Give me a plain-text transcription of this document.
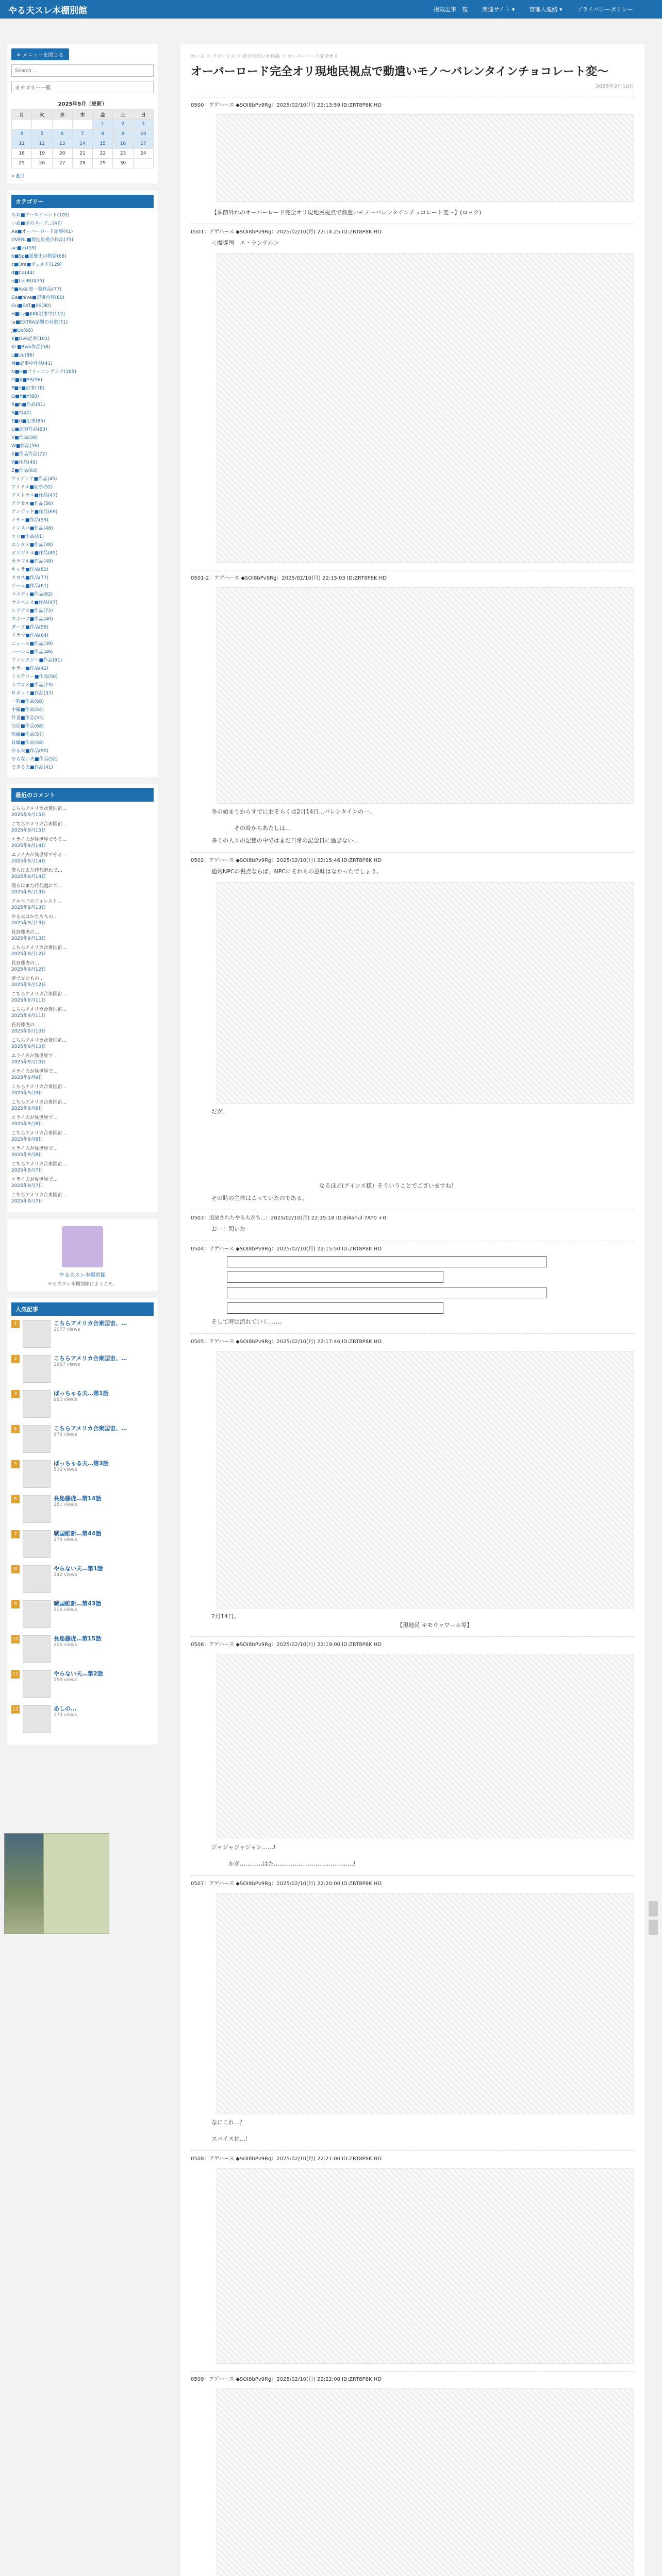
やる夫スレ本棚別館	掲載記事一覧	関連サイト ▾	管理人連絡 ▾	プライバシーポリシー
≡ メニューを閉じる Search …
カテゴリー一覧
2025年9月（更新）
月	火	水	木	金	土	日
				1	2	3
4	5	6	7	8	9	10
11	12	13	14	15	16	17
18	19	20	21	22	23	24
25	26	27	28	29	30	
« 8月
カテゴリー
ああ■アースイベント(105)
いぬ■金のスープ…(47)
Aa■オーバーロード記事(41)
OVERL■現地民視点作品(75)
ae■ex(59)
b■Sp■黒歴史の物語(68)
c■Ore■ヴェルド(129)
d■Ca(44)
e■Lv-IRUI(75)
F■Av記事一覧作品(77)
Ga■hive■記事内容(80)
Gu■EXT■SS(80)
H■Uz■KKK記事中(112)
Ia■EXTRA話題の対象(71)
J■Uo(65)
K■Ovk記事(101)
KL■Bwb作品(58)
L■Uu(86)
M■記事中作品(41)
N■H■フリーコンテンツ(165)
O■K■SS(56)
P■Y■記事(78)
Q■Y■Y(60)
R■h■作品(51)
S■T(47)
T■U■記事(85)
U■記事作品(53)
V■作品(38)
W■作品(56)
X■作品作品(72)
Y■作品(40)
Z■作品(63)
アイディア■作品(45)
アイドル■記事(52)
アストラル■作品(47)
アクセル■作品(56)
アンデッド■作品(69)
イチャ■作品(53)
インスパ■作品(48)
エロ■作品(41)
エンタメ■作品(38)
オリジナル■作品(85)
カラフル■作品(49)
キャラ■作品(52)
クロス■作品(77)
ゲーム■作品(61)
コメディ■作品(82)
サスペンス■作品(47)
シリアス■作品(72)
スポーツ■作品(40)
ダーク■作品(58)
ドラマ■作品(64)
ニュース■作品(39)
ハーレム■作品(46)
ファンタジー■作品(91)
ホラー■作品(42)
ミステリー■作品(50)
ラブコメ■作品(73)
ロボット■作品(37)
一般■作品(60)
中編■作品(44)
作者■作品(55)
完結■作品(68)
短編■作品(57)
長編■作品(48)
やる夫■作品(90)
やらない夫■作品(52)
できる夫■作品(41)
最近のコメント
こちらアメリカ合衆国宙…
2025年9月15日
こちらアメリカ合衆国宙…
2025年9月15日
エライ夫が異世界でやる…
2025年9月14日
エライ夫が異世界でやる…
2025年9月14日
僕らはまた時代遅れで…
2025年9月14日
僕らはまた時代遅れで…
2025年9月13日
アルベドのフォレスト…
2025年9月13日
やる夫はかたもちの…
2025年9月13日
長島藤虎の…
2025年9月13日
こちらアメリカ合衆国宙…
2025年9月12日
長島藤虎の…
2025年9月12日
夢で見たもの…
2025年9月12日
こちらアメリカ合衆国宙…
2025年9月11日
こちらアメリカ合衆国宙…
2025年9月11日
長島藤虎の…
2025年9月10日
こちらアメリカ合衆国宙…
2025年9月10日
エライ夫が異世界で…
2025年9月10日
エライ夫が異世界で…
2025年9月9日
こちらアメリカ合衆国宙…
2025年9月9日
こちらアメリカ合衆国宙…
2025年9月9日
エライ夫が異世界で…
2025年9月8日
こちらアメリカ合衆国宙…
2025年9月8日
エライ夫が異世界で…
2025年9月8日
こちらアメリカ合衆国宙…
2025年9月7日
エライ夫が異世界で…
2025年9月7日
こちらアメリカ合衆国宙…
2025年9月7日
やる夫スレ本棚別館
やる夫スレ本棚別館にようこそ。
人気記事
1	こちらアメリカ合衆国宙、…
2077 views
2	こちらアメリカ合衆国宙、…
1987 views
3	ぱっちゃる夫…第1話
980 views
4	こちらアメリカ合衆国宙、…
876 views
5	ぱっちゃる夫…第3話
532 views
6	長島藤虎…第14話
281 views
7	戦国維新…第44話
279 views
8	やらない夫…第1話
242 views
9	戦国維新…第43話
216 views
10	長島藤虎…第15話
206 views
11	やらない夫…第2話
199 views
12	あしの…
173 views
ホーム ＞ アクーシス ＞ 自分の思いを作品 ＞ オーバーロード完全オリ
オーバーロード完全オリ現地民視点で動遣いモノ〜バレンタインチョコレート変〜
2025年2月10日
0500：アゲハース ◆SOI8bPv9Rg：2025/02/10(月) 22:13:59 ID:ZRT8P8K HD
【季節外れのオーバーロード完全オリ現地民視点で動遣いモノ〜バレンタインチョコレート変〜】(ロック)
0501：アゲハース ◆SOI8bPv9Rg：2025/02/10(月) 22:14:25 ID:ZRT8P8K HD
＜魔導国　エ・ランテル＞
0501-2：アゲハース ◆SOI8bPv9Rg：2025/02/10(月) 22:15:03 ID:ZRT8P8K HD
冬の始まりからすでにおそらくは2月14日...バレンタインの一..

　　　　その時からあたしは…
多くの人々の記憶の中ではまだ日常の記念日に過ぎない...
0502：アゲハース ◆SOI8bPv9Rg：2025/02/10(月) 22:15:46 ID:ZRT8P8K HD
通常NPCの視点ならば、NPCにそれらの意味はなかったでしょう。
だが、

　　　　　　　　　　　　　　　　　　　なるほど(アインズ様）そういうことでございますね！
その時の主体はこっていたのである。
0503：追放されたやる夫がち...：2025/02/10(月) 22:15:18 ID:8i4ahul 7AY0 +0
おー！閃いた
0504：アゲハース ◆SOI8bPv9Rg：2025/02/10(月) 22:15:50 ID:ZRT8P8K HD
そして時は流れていく……。
0505：アゲハース ◆SOI8bPv9Rg：2025/02/10(月) 22:17:46 ID:ZRT8P8K HD
2月14日。
【現地民 キモウァワール等】
0506：アゲハース ◆SOI8bPv9Rg：2025/02/10(月) 22:19:00 ID:ZRT8P8K HD
ジャジャジャジャン……!

　　　かぎ…………はた……………………………………!
0507：アゲハース ◆SOI8bPv9Rg：2025/02/10(月) 22:20:00 ID:ZRT8P8K HD
なにこれ...？

スパイス化...！
0508：アゲハース ◆SOI8bPv9Rg：2025/02/10(月) 22:21:00 ID:ZRT8P8K HD
0509：アゲハース ◆SOI8bPv9Rg：2025/02/10(月) 22:22:00 ID:ZRT8P8K HD
